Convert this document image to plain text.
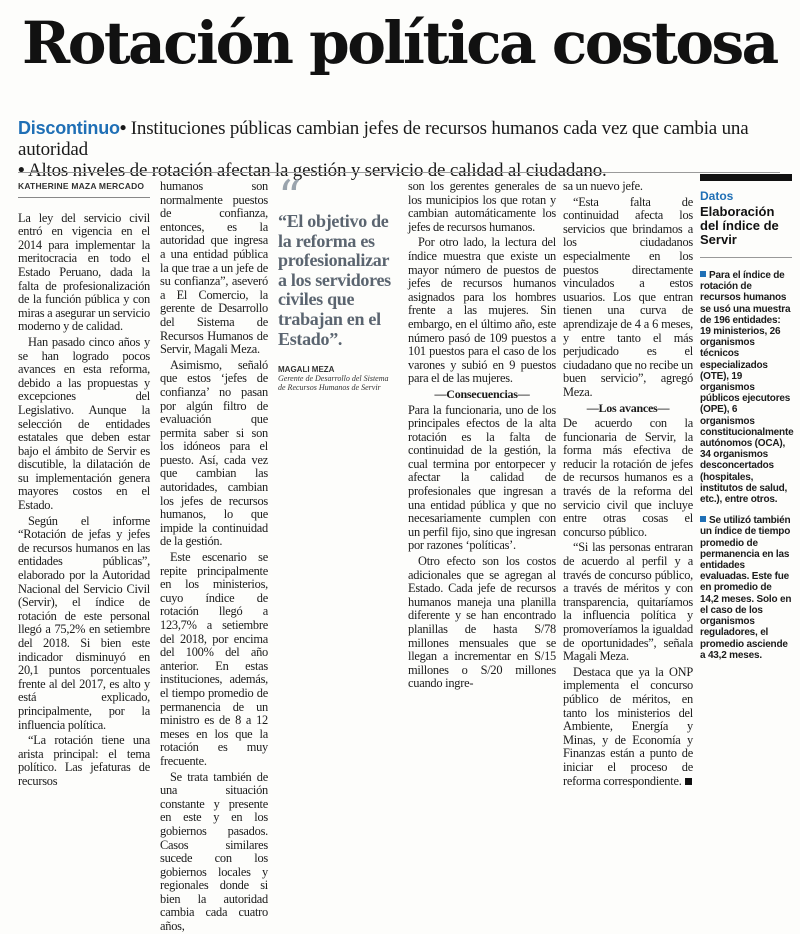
Rotación política costosa
Discontinuo• Instituciones públicas cambian jefes de recursos humanos cada vez que cambia una autoridad
• Altos niveles de rotación afectan la gestión y servicio de calidad al ciudadano.
KATHERINE MAZA MERCADO

La ley del servicio civil entró en vigencia en el 2014 para implementar la meritocracia en todo el Estado Peruano, dada la falta de profesionalización de la función pública y con miras a asegurar un servicio moderno y de calidad.

Han pasado cinco años y se han logrado pocos avances en esta reforma, debido a las propuestas y excepciones del Legislativo. Aunque la selección de entidades estatales que deben estar bajo el ámbito de Servir es discutible, la dilatación de su implementación genera mayores costos en el Estado.

Según el informe “Rotación de jefas y jefes de recursos humanos en las entidades públicas”, elaborado por la Autoridad Nacional del Servicio Civil (Servir), el índice de rotación de este personal llegó a 75,2% en setiembre del 2018. Si bien este indicador disminuyó en 20,1 puntos porcentuales frente al del 2017, es alto y está explicado, principalmente, por la influencia política.

“La rotación tiene una arista principal: el tema político. Las jefaturas de recursos

humanos son normalmente puestos de confianza, entonces, es la autoridad que ingresa a una entidad pública la que trae a un jefe de su confianza”, aseveró a El Comercio, la gerente de Desarrollo del Sistema de Recursos Humanos de Servir, Magali Meza.

Asimismo, señaló que estos ‘jefes de confianza’ no pasan por algún filtro de evaluación que permita saber si son los idóneos para el puesto. Así, cada vez que cambian las autoridades, cambian los jefes de recursos humanos, lo que impide la continuidad de la gestión.

Este escenario se repite principalmente en los ministerios, cuyo índice de rotación llegó a 123,7% a setiembre del 2018, por encima del 100% del año anterior. En estas instituciones, además, el tiempo promedio de permanencia de un ministro es de 8 a 12 meses en los que la rotación es muy frecuente.

Se trata también de una situación constante y presente en este y en los gobiernos pasados. Casos similares sucede con los gobiernos locales y regionales donde si bien la autoridad cambia cada cuatro años,

“
“El objetivo de la reforma es profesionalizar a los servidores civiles que trabajan en el Estado”.
MAGALI MEZA
Gerente de Desarrollo del Sistema de Recursos Humanos de Servir

son los gerentes generales de los municipios los que rotan y cambian automáticamente los jefes de recursos humanos.

Por otro lado, la lectura del índice muestra que existe un mayor número de puestos de jefes de recursos humanos asignados para los hombres frente a las mujeres. Sin embargo, en el último año, este número pasó de 109 puestos a 101 puestos para el caso de los varones y subió en 9 puestos para el de las mujeres.

—Consecuencias—

Para la funcionaria, uno de los principales efectos de la alta rotación es la falta de continuidad de la gestión, la cual termina por entorpecer y afectar la calidad de profesionales que ingresan a una entidad pública y que no necesariamente cumplen con un perfil fijo, sino que ingresan por razones ‘políticas’.

Otro efecto son los costos adicionales que se agregan al Estado. Cada jefe de recursos humanos maneja una planilla diferente y se han encontrado planillas de hasta S/78 millones mensuales que se llegan a incrementar en S/15 millones o S/20 millones cuando ingre-

sa un nuevo jefe.

“Esta falta de continuidad afecta los servicios que brindamos a los ciudadanos especialmente en los puestos directamente vinculados a estos usuarios. Los que entran tienen una curva de aprendizaje de 4 a 6 meses, y entre tanto el más perjudicado es el ciudadano que no recibe un buen servicio”, agregó Meza.

—Los avances—

De acuerdo con la funcionaria de Servir, la forma más efectiva de reducir la rotación de jefes de recursos humanos es a través de la reforma del servicio civil que incluye entre otras cosas el concurso público.

“Si las personas entraran de acuerdo al perfil y a través de concurso público, a través de méritos y con transparencia, quitaríamos la influencia política y promoveríamos la igualdad de oportunidades”, señala Magali Meza.

Destaca que ya la ONP implementa el concurso público de méritos, en tanto los ministerios del Ambiente, Energía y Minas, y de Economía y Finanzas están a punto de iniciar el proceso de reforma correspondiente.

Datos
Elaboración del índice de Servir
Para el índice de rotación de recursos humanos se usó una muestra de 196 entidades: 19 ministerios, 26 organismos técnicos especializados (OTE), 19 organismos públicos ejecutores (OPE), 6 organismos constitucionalmente autónomos (OCA), 34 organismos desconcertados (hospitales, institutos de salud, etc.), entre otros.
Se utilizó también un índice de tiempo promedio de permanencia en las entidades evaluadas. Este fue en promedio de 14,2 meses. Solo en el caso de los organismos reguladores, el promedio asciende a 43,2 meses.
